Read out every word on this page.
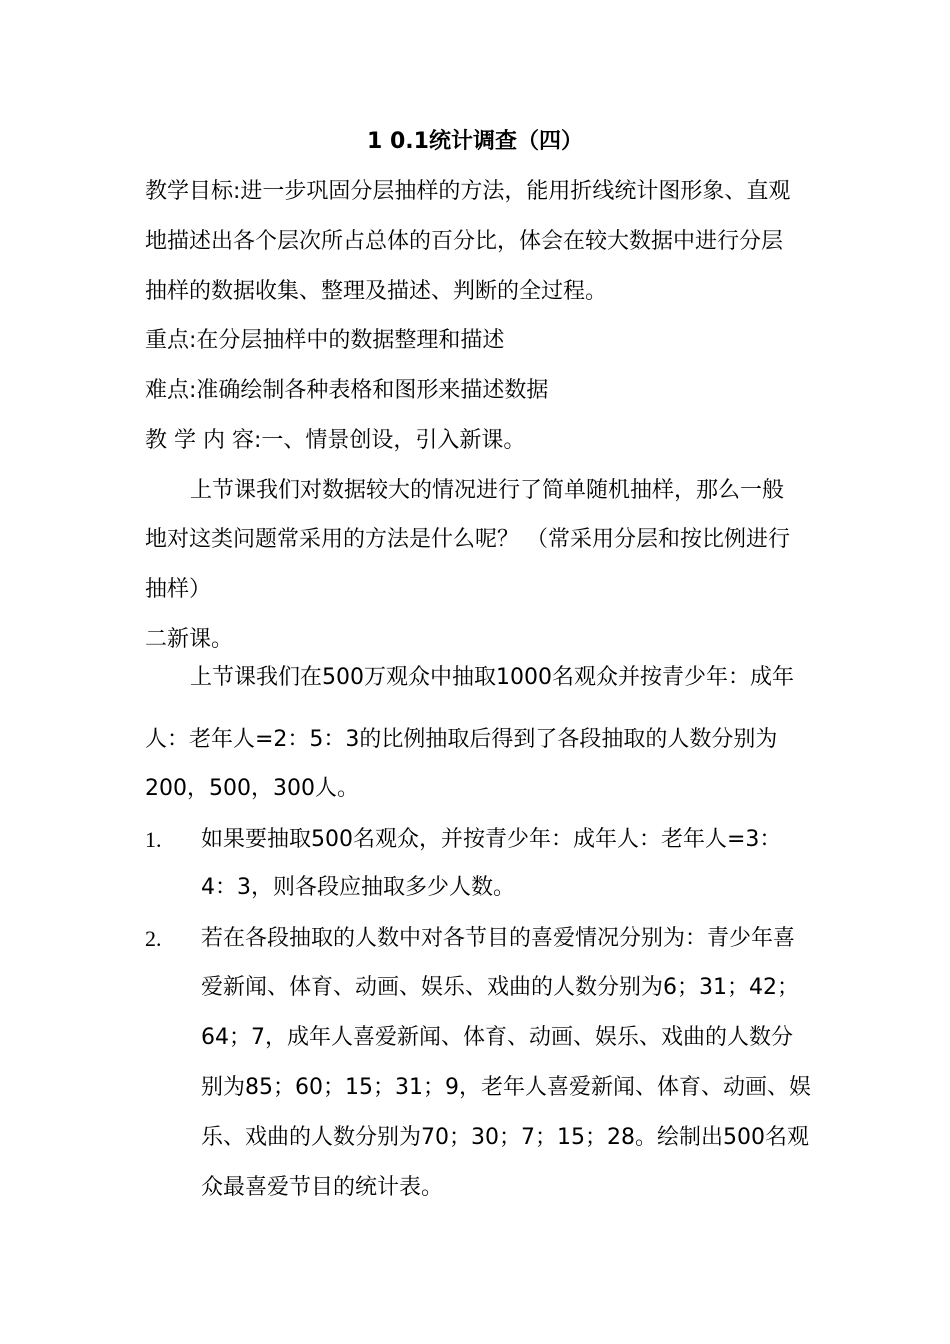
1 0.1统计调查（四）
教学目标:进一步巩固分层抽样的方法，能用折线统计图形象、直观
地描述出各个层次所占总体的百分比，体会在较大数据中进行分层
抽样的数据收集、整理及描述、判断的全过程。
重点:在分层抽样中的数据整理和描述
难点:准确绘制各种表格和图形来描述数据
教 学 内 容:一、情景创设，引入新课。
上节课我们对数据较大的情况进行了简单随机抽样，那么一般
地对这类问题常采用的方法是什么呢？ （常采用分层和按比例进行
抽样）
二新课。
上节课我们在500万观众中抽取1000名观众并按青少年：成年
人：老年人=2：5：3的比例抽取后得到了各段抽取的人数分别为
200，500，300人。
1. 如果要抽取500名观众，并按青少年：成年人：老年人=3：
4：3，则各段应抽取多少人数。
2. 若在各段抽取的人数中对各节目的喜爱情况分别为：青少年喜
爱新闻、体育、动画、娱乐、戏曲的人数分别为6；31；42；
64；7，成年人喜爱新闻、体育、动画、娱乐、戏曲的人数分
别为85；60；15；31；9，老年人喜爱新闻、体育、动画、娱
乐、戏曲的人数分别为70；30；7；15；28。绘制出500名观
众最喜爱节目的统计表。
